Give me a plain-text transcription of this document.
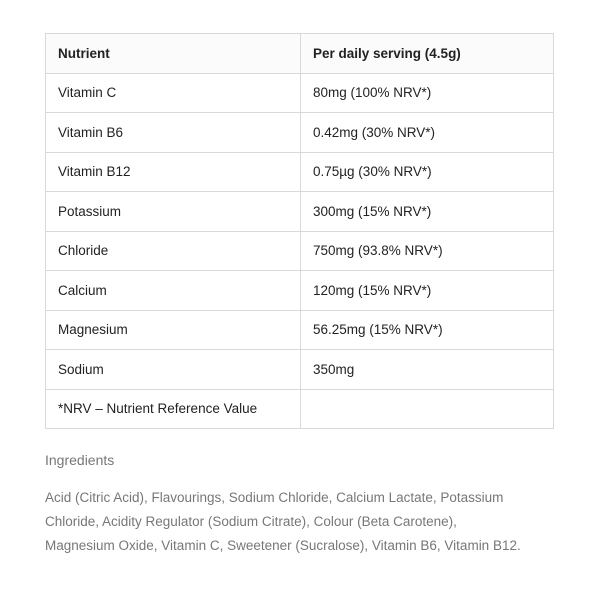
Nutrient	Per daily serving (4.5g)
Vitamin C	80mg (100% NRV*)
Vitamin B6	0.42mg (30% NRV*)
Vitamin B12	0.75µg (30% NRV*)
Potassium	300mg (15% NRV*)
Chloride	750mg (93.8% NRV*)
Calcium	120mg (15% NRV*)
Magnesium	56.25mg (15% NRV*)
Sodium	350mg
*NRV – Nutrient Reference Value	

Ingredients

Acid (Citric Acid), Flavourings, Sodium Chloride, Calcium Lactate, Potassium
Chloride, Acidity Regulator (Sodium Citrate), Colour (Beta Carotene),
Magnesium Oxide, Vitamin C, Sweetener (Sucralose), Vitamin B6, Vitamin B12.
